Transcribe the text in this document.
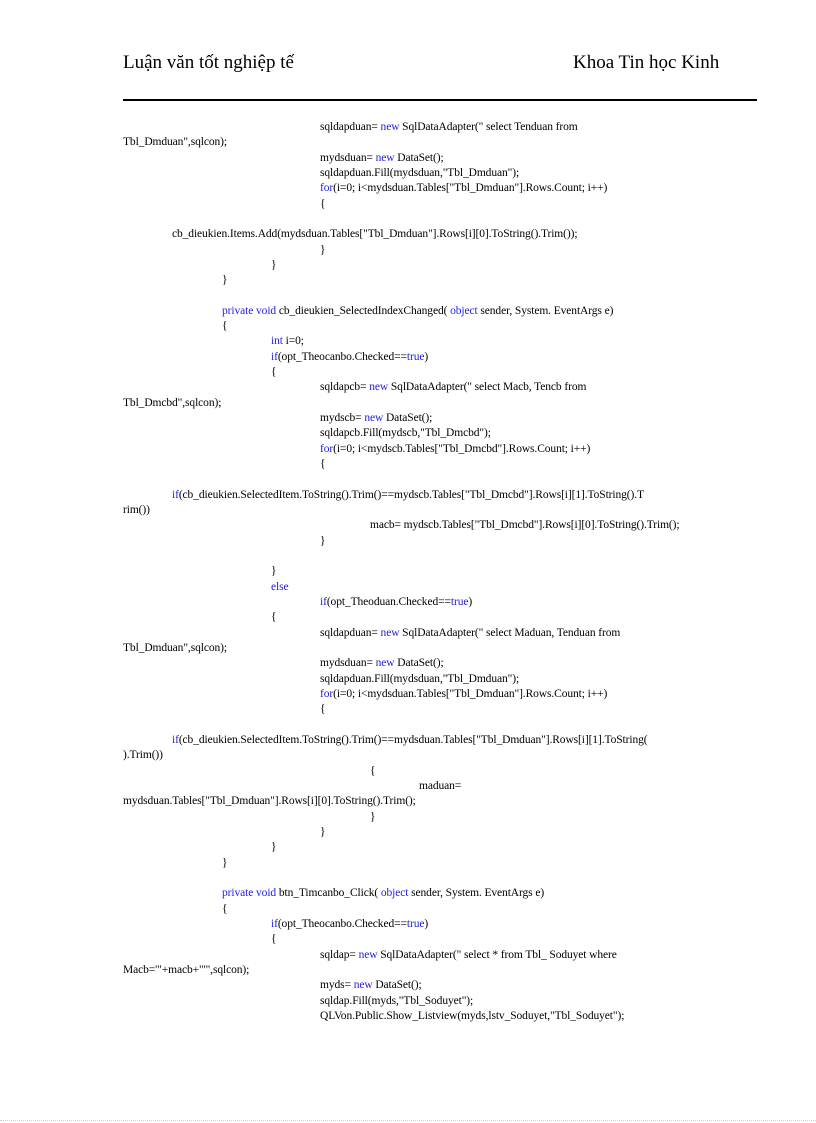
Luận văn tốt nghiệp tế	Khoa Tin học Kinh
sqldapduan= new SqlDataAdapter(" select Tenduan from
Tbl_Dmduan",sqlcon);
mydsduan= new DataSet();
sqldapduan.Fill(mydsduan,"Tbl_Dmduan");
for(i=0; i<mydsduan.Tables["Tbl_Dmduan"].Rows.Count; i++)
{
cb_dieukien.Items.Add(mydsduan.Tables["Tbl_Dmduan"].Rows[i][0].ToString().Trim());
}
}
}
private void cb_dieukien_SelectedIndexChanged( object sender, System. EventArgs e)
{
int i=0;
if(opt_Theocanbo.Checked==true)
{
sqldapcb= new SqlDataAdapter(" select Macb, Tencb from
Tbl_Dmcbd",sqlcon);
mydscb= new DataSet();
sqldapcb.Fill(mydscb,"Tbl_Dmcbd");
for(i=0; i<mydscb.Tables["Tbl_Dmcbd"].Rows.Count; i++)
{
if(cb_dieukien.SelectedItem.ToString().Trim()==mydscb.Tables["Tbl_Dmcbd"].Rows[i][1].ToString().T
rim())
macb= mydscb.Tables["Tbl_Dmcbd"].Rows[i][0].ToString().Trim();
}
}
else
if(opt_Theoduan.Checked==true)
{
sqldapduan= new SqlDataAdapter(" select Maduan, Tenduan from
Tbl_Dmduan",sqlcon);
mydsduan= new DataSet();
sqldapduan.Fill(mydsduan,"Tbl_Dmduan");
for(i=0; i<mydsduan.Tables["Tbl_Dmduan"].Rows.Count; i++)
{
if(cb_dieukien.SelectedItem.ToString().Trim()==mydsduan.Tables["Tbl_Dmduan"].Rows[i][1].ToString(
).Trim())
{
maduan=
mydsduan.Tables["Tbl_Dmduan"].Rows[i][0].ToString().Trim();
}
}
}
}
private void btn_Timcanbo_Click( object sender, System. EventArgs e)
{
if(opt_Theocanbo.Checked==true)
{
sqldap= new SqlDataAdapter(" select * from Tbl_ Soduyet where
Macb='"+macb+"'",sqlcon);
myds= new DataSet();
sqldap.Fill(myds,"Tbl_Soduyet");
QLVon.Public.Show_Listview(myds,lstv_Soduyet,"Tbl_Soduyet");
